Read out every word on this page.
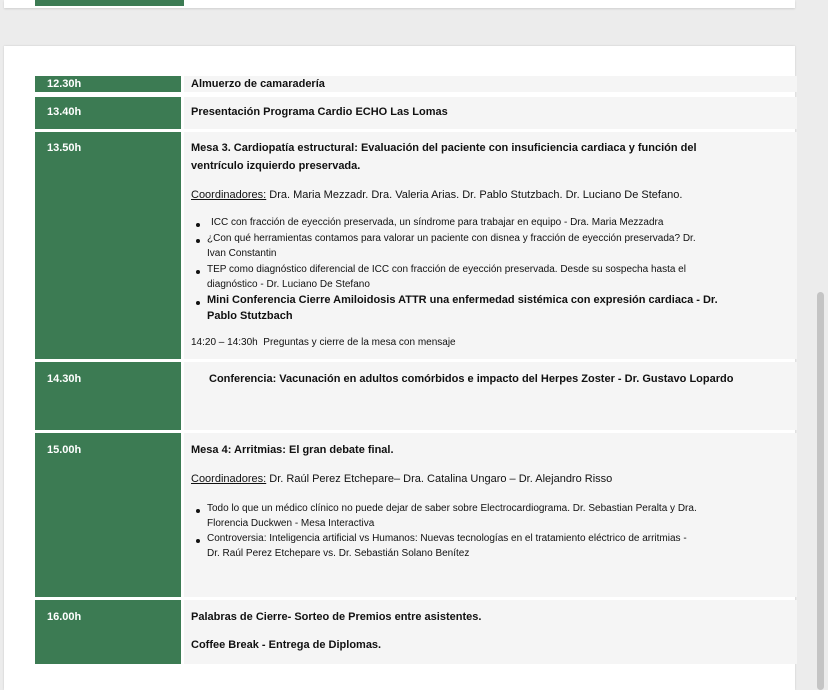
12.30h	Almuerzo de camaradería
13.40h	Presentación Programa Cardio ECHO Las Lomas
13.50h	Mesa 3. Cardiopatía estructural: Evaluación del paciente con insuficiencia cardiaca y función del
ventrículo izquierdo preservada.
Coordinadores: Dra. Maria Mezzadr. Dra. Valeria Arias. Dr. Pablo Stutzbach. Dr. Luciano De Stefano.
ICC con fracción de eyección preservada, un síndrome para trabajar en equipo - Dra. Maria Mezzadra
¿Con qué herramientas contamos para valorar un paciente con disnea y fracción de eyección preservada? Dr.
Ivan Constantin
TEP como diagnóstico diferencial de ICC con fracción de eyección preservada. Desde su sospecha hasta el
diagnóstico - Dr. Luciano De Stefano
Mini Conferencia Cierre Amiloidosis ATTR una enfermedad sistémica con expresión cardiaca - Dr.
Pablo Stutzbach
14:20 – 14:30h Preguntas y cierre de la mesa con mensaje
14.30h	Conferencia: Vacunación en adultos comórbidos e impacto del Herpes Zoster - Dr. Gustavo Lopardo
15.00h	Mesa 4: Arritmias: El gran debate final.
Coordinadores: Dr. Raúl Perez Etchepare– Dra. Catalina Ungaro – Dr. Alejandro Risso
Todo lo que un médico clínico no puede dejar de saber sobre Electrocardiograma. Dr. Sebastian Peralta y Dra.
Florencia Duckwen - Mesa Interactiva
Controversia: Inteligencia artificial vs Humanos: Nuevas tecnologías en el tratamiento eléctrico de arritmias -
Dr. Raúl Perez Etchepare vs. Dr. Sebastián Solano Benítez
16.00h	Palabras de Cierre- Sorteo de Premios entre asistentes.
Coffee Break - Entrega de Diplomas.
